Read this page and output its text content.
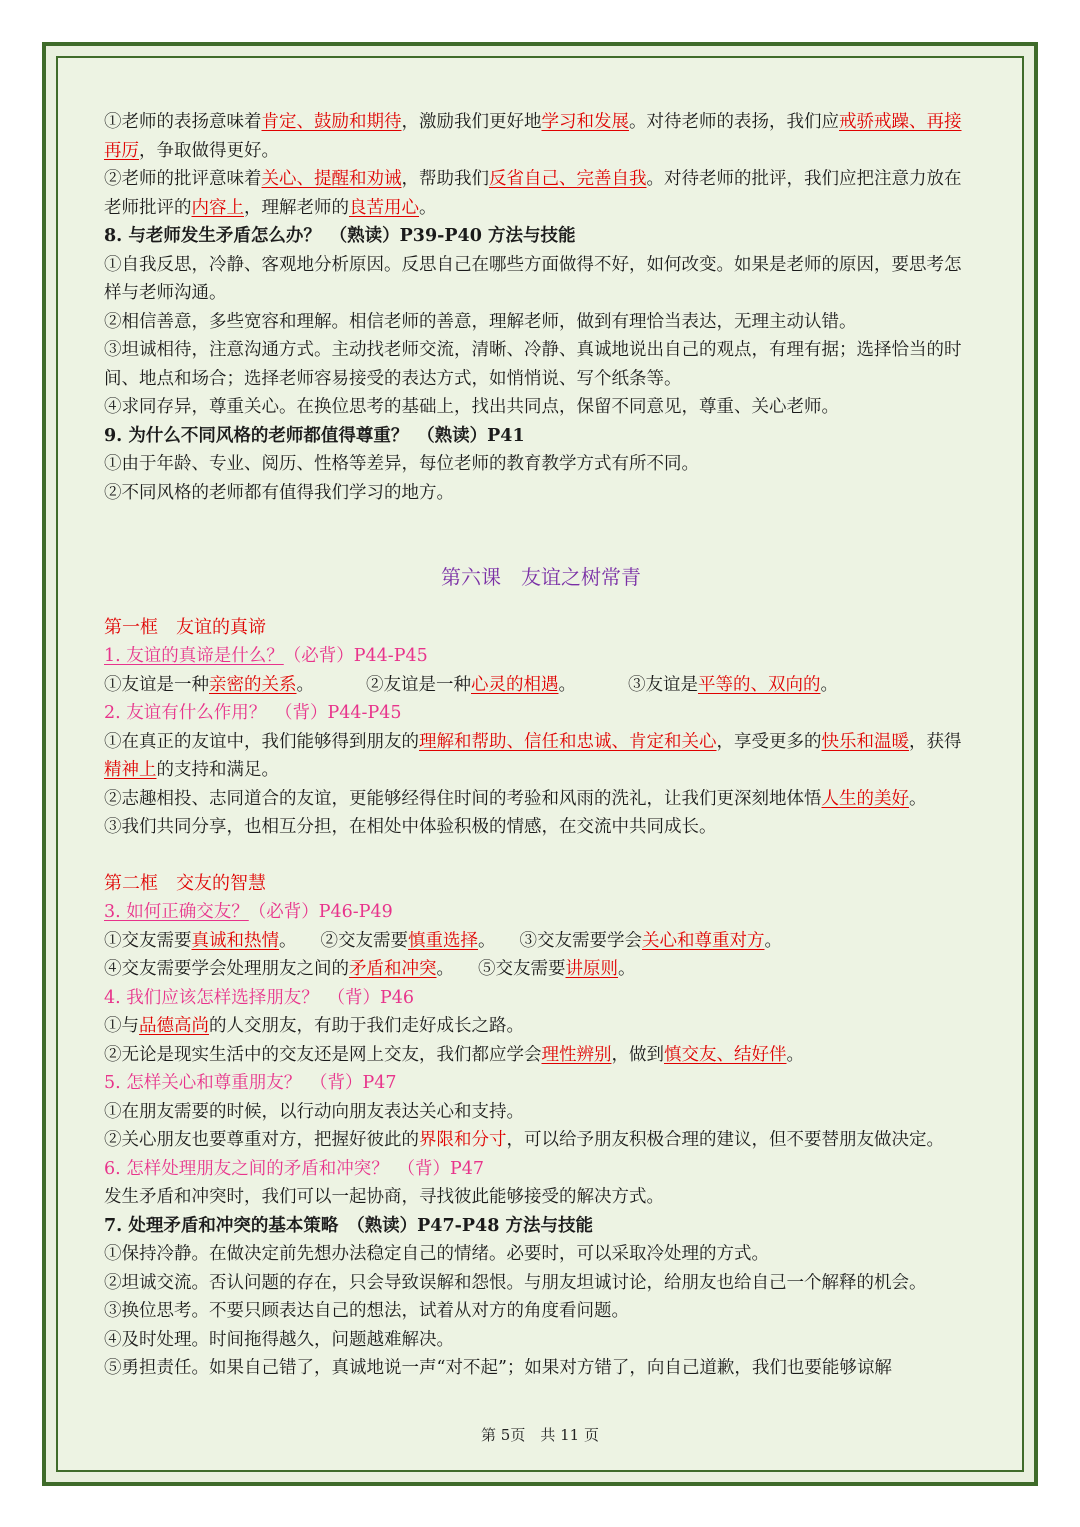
①老师的表扬意味着肯定、鼓励和期待，激励我们更好地学习和发展。对待老师的表扬，我们应戒骄戒躁、再接再厉，争取做得更好。

②老师的批评意味着关心、提醒和劝诫，帮助我们反省自己、完善自我。对待老师的批评，我们应把注意力放在老师批评的内容上，理解老师的良苦用心。

8. 与老师发生矛盾怎么办？　（熟读）P39-P40 方法与技能

①自我反思，冷静、客观地分析原因。反思自己在哪些方面做得不好，如何改变。如果是老师的原因，要思考怎样与老师沟通。

②相信善意，多些宽容和理解。相信老师的善意，理解老师，做到有理恰当表达，无理主动认错。

③坦诚相待，注意沟通方式。主动找老师交流，清晰、冷静、真诚地说出自己的观点，有理有据；选择恰当的时间、地点和场合；选择老师容易接受的表达方式，如悄悄说、写个纸条等。

④求同存异，尊重关心。在换位思考的基础上，找出共同点，保留不同意见，尊重、关心老师。

9. 为什么不同风格的老师都值得尊重？　（熟读）P41

①由于年龄、专业、阅历、性格等差异，每位老师的教育教学方式有所不同。

②不同风格的老师都有值得我们学习的地方。

第六课　友谊之树常青

第一框　友谊的真谛

1. 友谊的真谛是什么？（必背）P44-P45

①友谊是一种亲密的关系。	②友谊是一种心灵的相遇。	③友谊是平等的、双向的。

2. 友谊有什么作用？　（背）P44-P45

①在真正的友谊中，我们能够得到朋友的理解和帮助、信任和忠诚、肯定和关心，享受更多的快乐和温暖，获得精神上的支持和满足。

②志趣相投、志同道合的友谊，更能够经得住时间的考验和风雨的洗礼，让我们更深刻地体悟人生的美好。

③我们共同分享，也相互分担，在相处中体验积极的情感，在交流中共同成长。

第二框　交友的智慧

3. 如何正确交友？（必背）P46-P49

①交友需要真诚和热情。 ②交友需要慎重选择。 ③交友需要学会关心和尊重对方。

④交友需要学会处理朋友之间的矛盾和冲突。 ⑤交友需要讲原则。

4. 我们应该怎样选择朋友？　（背）P46

①与品德高尚的人交朋友，有助于我们走好成长之路。

②无论是现实生活中的交友还是网上交友，我们都应学会理性辨别，做到慎交友、结好伴。

5. 怎样关心和尊重朋友？　（背）P47

①在朋友需要的时候，以行动向朋友表达关心和支持。

②关心朋友也要尊重对方，把握好彼此的界限和分寸，可以给予朋友积极合理的建议，但不要替朋友做决定。

6. 怎样处理朋友之间的矛盾和冲突？　（背）P47

发生矛盾和冲突时，我们可以一起协商，寻找彼此能够接受的解决方式。

7. 处理矛盾和冲突的基本策略　（熟读）P47-P48 方法与技能

①保持冷静。在做决定前先想办法稳定自己的情绪。必要时，可以采取冷处理的方式。

②坦诚交流。否认问题的存在，只会导致误解和怨恨。与朋友坦诚讨论，给朋友也给自己一个解释的机会。

③换位思考。不要只顾表达自己的想法，试着从对方的角度看问题。

④及时处理。时间拖得越久，问题越难解决。

⑤勇担责任。如果自己错了，真诚地说一声“对不起”；如果对方错了，向自己道歉，我们也要能够谅解

第 5页　共 11 页
